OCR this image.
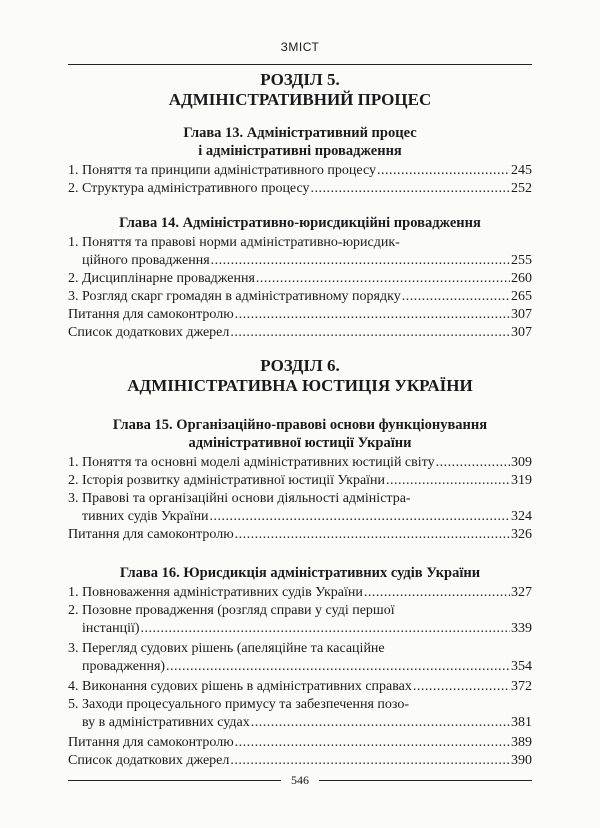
ЗМІСТ
РОЗДІЛ 5.
АДМІНІСТРАТИВНИЙ ПРОЦЕС
Глава 13. Адміністративний процес
і адміністративні провадження
1. Поняття та принципи адміністративного процесу .....	245
2. Структура адміністративного процесу .....	252
Глава 14. Адміністративно-юрисдикційні провадження
1. Поняття та правові норми адміністративно-юрисдик-
ційного провадження .....	255
2. Дисциплінарне провадження .....	260
3. Розгляд скарг громадян в адміністративному порядку .....	265
Питання для самоконтролю .....	307
Список додаткових джерел .....	307
РОЗДІЛ 6.
АДМІНІСТРАТИВНА ЮСТИЦІЯ УКРАЇНИ
Глава 15. Організаційно-правові основи функціонування
адміністративної юстиції України
1. Поняття та основні моделі адміністративних юстицій світу .....	309
2. Історія розвитку адміністративної юстиції України .....	319
3. Правові та організаційні основи діяльності адміністра-
тивних судів України .....	324
Питання для самоконтролю .....	326
Глава 16. Юрисдикція адміністративних судів України
1. Повноваження адміністративних судів України .....	327
2. Позовне провадження (розгляд справи у суді першої
інстанції) .....	339
3. Перегляд судових рішень (апеляційне та касаційне
провадження) .....	354
4. Виконання судових рішень в адміністративних справах .....	372
5. Заходи процесуального примусу та забезпечення позо-
ву в адміністративних судах .....	381
Питання для самоконтролю .....	389
Список додаткових джерел .....	390
546
